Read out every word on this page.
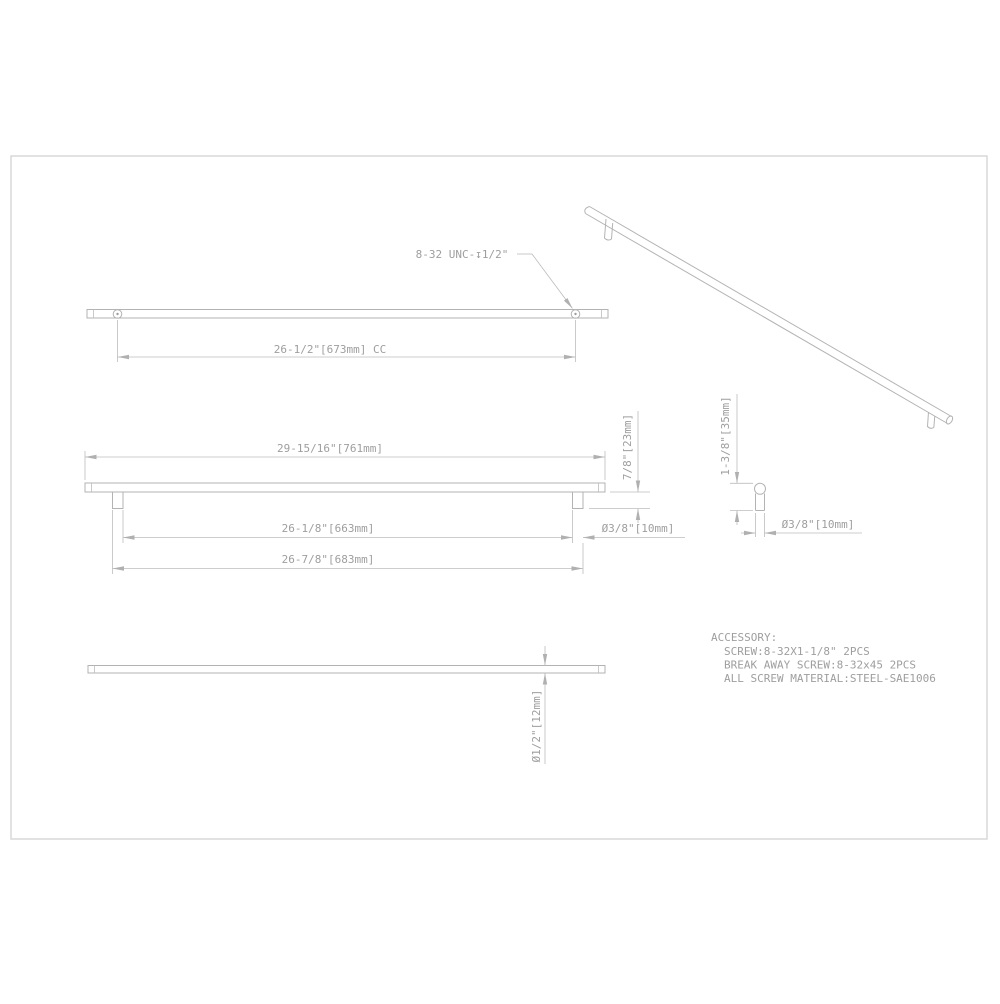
8-32 UNC-↧1/2"
26-1/2"[673mm] CC
29-15/16"[761mm]
26-1/8"[663mm]	Ø3/8"[10mm]
26-7/8"[683mm]
7/8"[23mm]	1-3/8"[35mm]
Ø3/8"[10mm]
Ø1/2"[12mm]
ACCESSORY:
SCREW:8-32X1-1/8" 2PCS
BREAK AWAY SCREW:8-32x45 2PCS
ALL SCREW MATERIAL:STEEL-SAE1006
